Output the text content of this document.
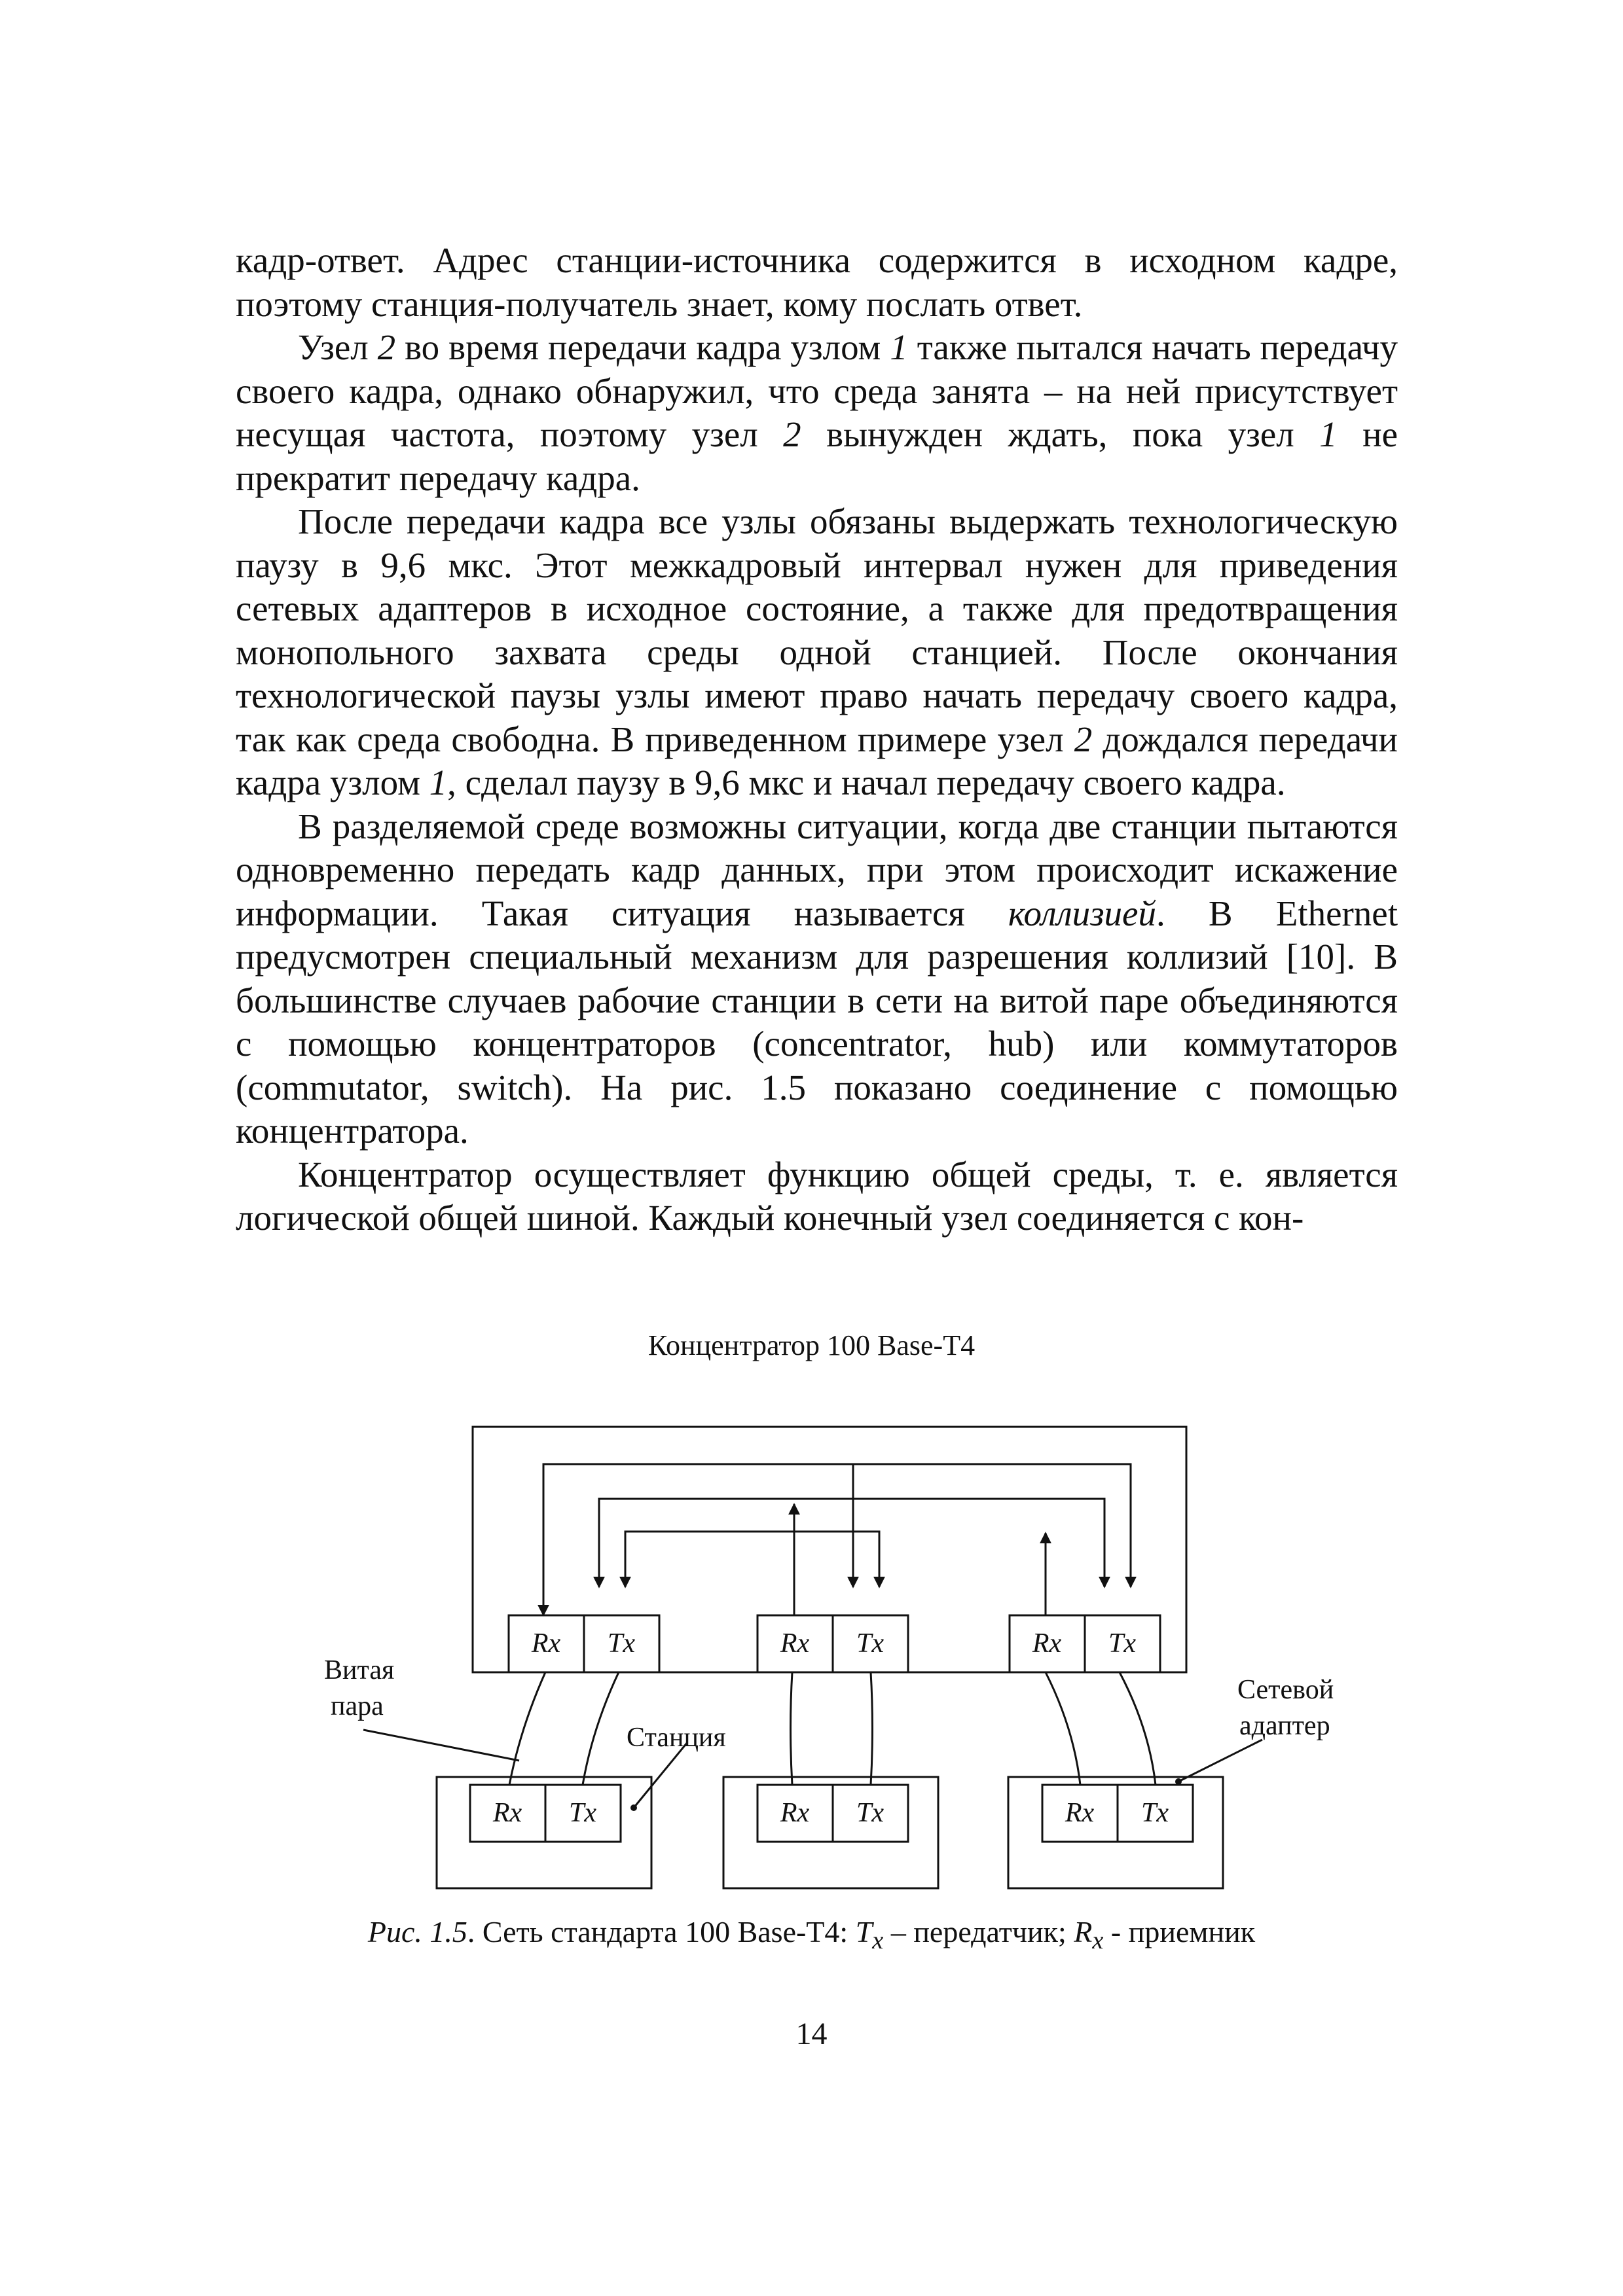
кадр-ответ. Адрес станции-источника содержится в исходном кадре, поэтому станция-получатель знает, кому послать ответ.

Узел 2 во время передачи кадра узлом 1 также пытался начать передачу своего кадра, однако обнаружил, что среда занята – на ней присутствует несущая частота, поэтому узел 2 вынужден ждать, пока узел 1 не прекратит передачу кадра.

После передачи кадра все узлы обязаны выдержать технологическую паузу в 9,6 мкс. Этот межкадровый интервал нужен для приведения сетевых адаптеров в исходное состояние, а также для предотвращения монопольного захвата среды одной станцией. После окончания технологической паузы узлы имеют право начать передачу своего кадра, так как среда свободна. В приведенном примере узел 2 дождался передачи кадра узлом 1, сделал паузу в 9,6 мкс и начал передачу своего кадра.

В разделяемой среде возможны ситуации, когда две станции пытаются одновременно передать кадр данных, при этом происходит искажение информации. Такая ситуация называется коллизией. В Ethernet предусмотрен специальный механизм для разрешения коллизий [10]. В большинстве случаев рабочие станции в сети на витой паре объединяются с помощью концентраторов (concentrator, hub) или коммутаторов (commutator, switch). На рис. 1.5 показано соединение с помощью концентратора.

Концентратор осуществляет функцию общей среды, т. е. является логической общей шиной. Каждый конечный узел соединяется с кон-

Концентратор 100 Base-T4
Rx Tx	Rx Tx	Rx Tx
Rx Tx	Rx Tx	Rx Tx
Витая
пара
Станция
Сетевой
адаптер
Рис. 1.5. Сеть стандарта 100 Base-T4: $T_x$ – передатчик; $R_x$ - приемник
14
